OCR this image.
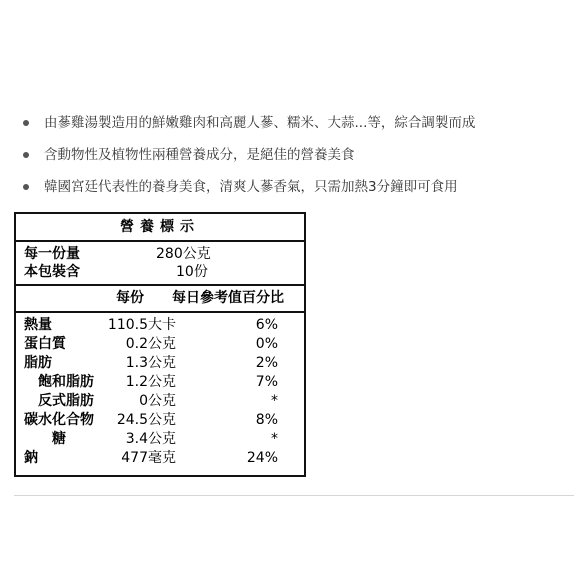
由蔘雞湯製造用的鮮嫩雞肉和高麗人蔘、糯米、大蒜...等，綜合調製而成
含動物性及植物性兩種營養成分，是絕佳的營養美食
韓國宮廷代表性的養身美食，清爽人蔘香氣，只需加熱3分鐘即可食用
營養標示
每一份量	280公克
本包裝含	10份
每份 每日參考值百分比
熱量	110.5大卡	6%
蛋白質	0.2公克	0%
脂肪	1.3公克	2%
飽和脂肪 1.2公克	7%
反式脂肪	0公克	*
碳水化合物 24.5公克	8%
糖	3.4公克	*
鈉	477毫克	24%
